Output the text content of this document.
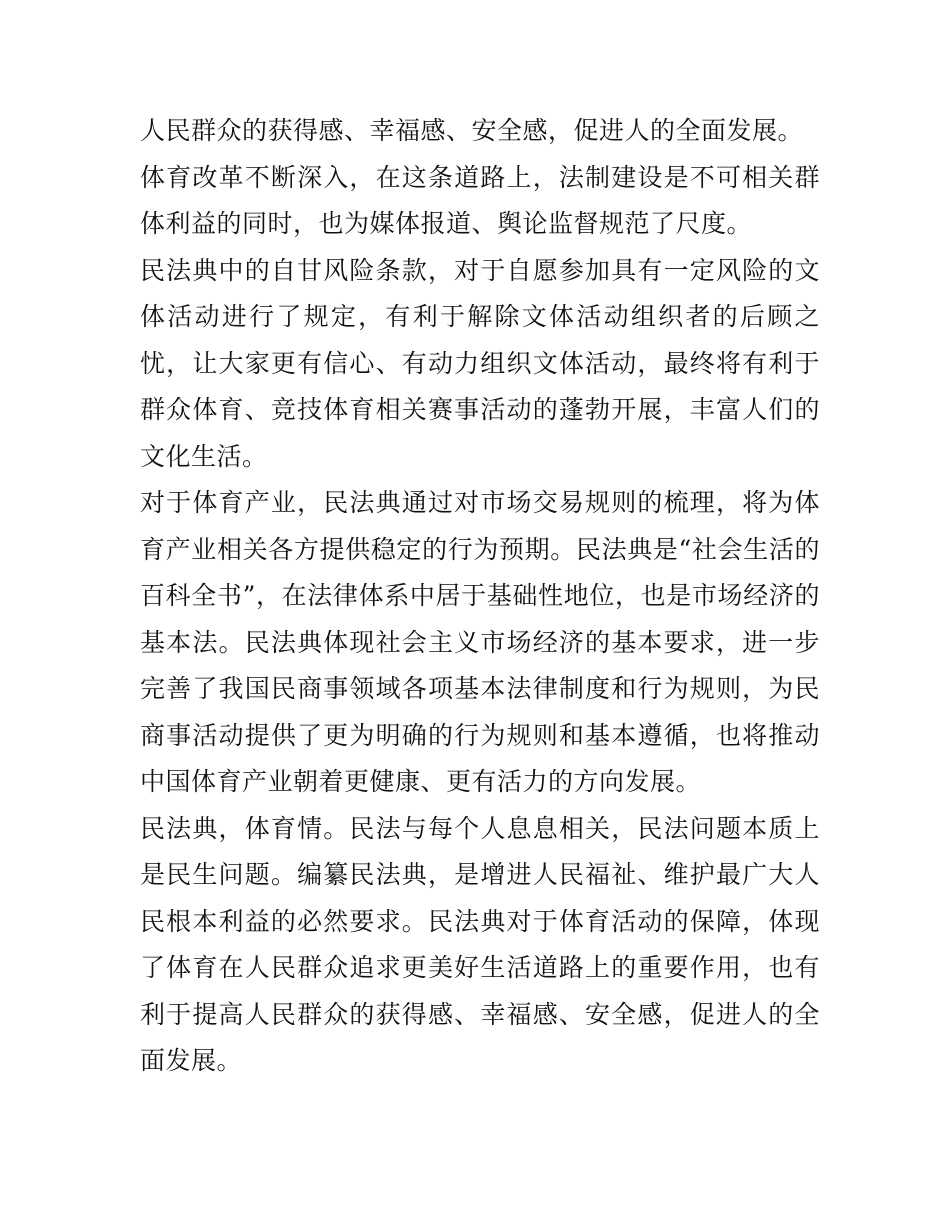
人民群众的获得感、幸福感、安全感，促进人的全面发展。

体育改革不断深入，在这条道路上，法制建设是不可相关群体利益的同时，也为媒体报道、舆论监督规范了尺度。

民法典中的自甘风险条款，对于自愿参加具有一定风险的文体活动进行了规定，有利于解除文体活动组织者的后顾之忧，让大家更有信心、有动力组织文体活动，最终将有利于群众体育、竞技体育相关赛事活动的蓬勃开展，丰富人们的文化生活。

对于体育产业，民法典通过对市场交易规则的梳理，将为体育产业相关各方提供稳定的行为预期。民法典是“社会生活的百科全书”，在法律体系中居于基础性地位，也是市场经济的基本法。民法典体现社会主义市场经济的基本要求，进一步完善了我国民商事领域各项基本法律制度和行为规则，为民商事活动提供了更为明确的行为规则和基本遵循，也将推动中国体育产业朝着更健康、更有活力的方向发展。

民法典，体育情。民法与每个人息息相关，民法问题本质上是民生问题。编纂民法典，是增进人民福祉、维护最广大人民根本利益的必然要求。民法典对于体育活动的保障，体现了体育在人民群众追求更美好生活道路上的重要作用，也有利于提高人民群众的获得感、幸福感、安全感，促进人的全面发展。
